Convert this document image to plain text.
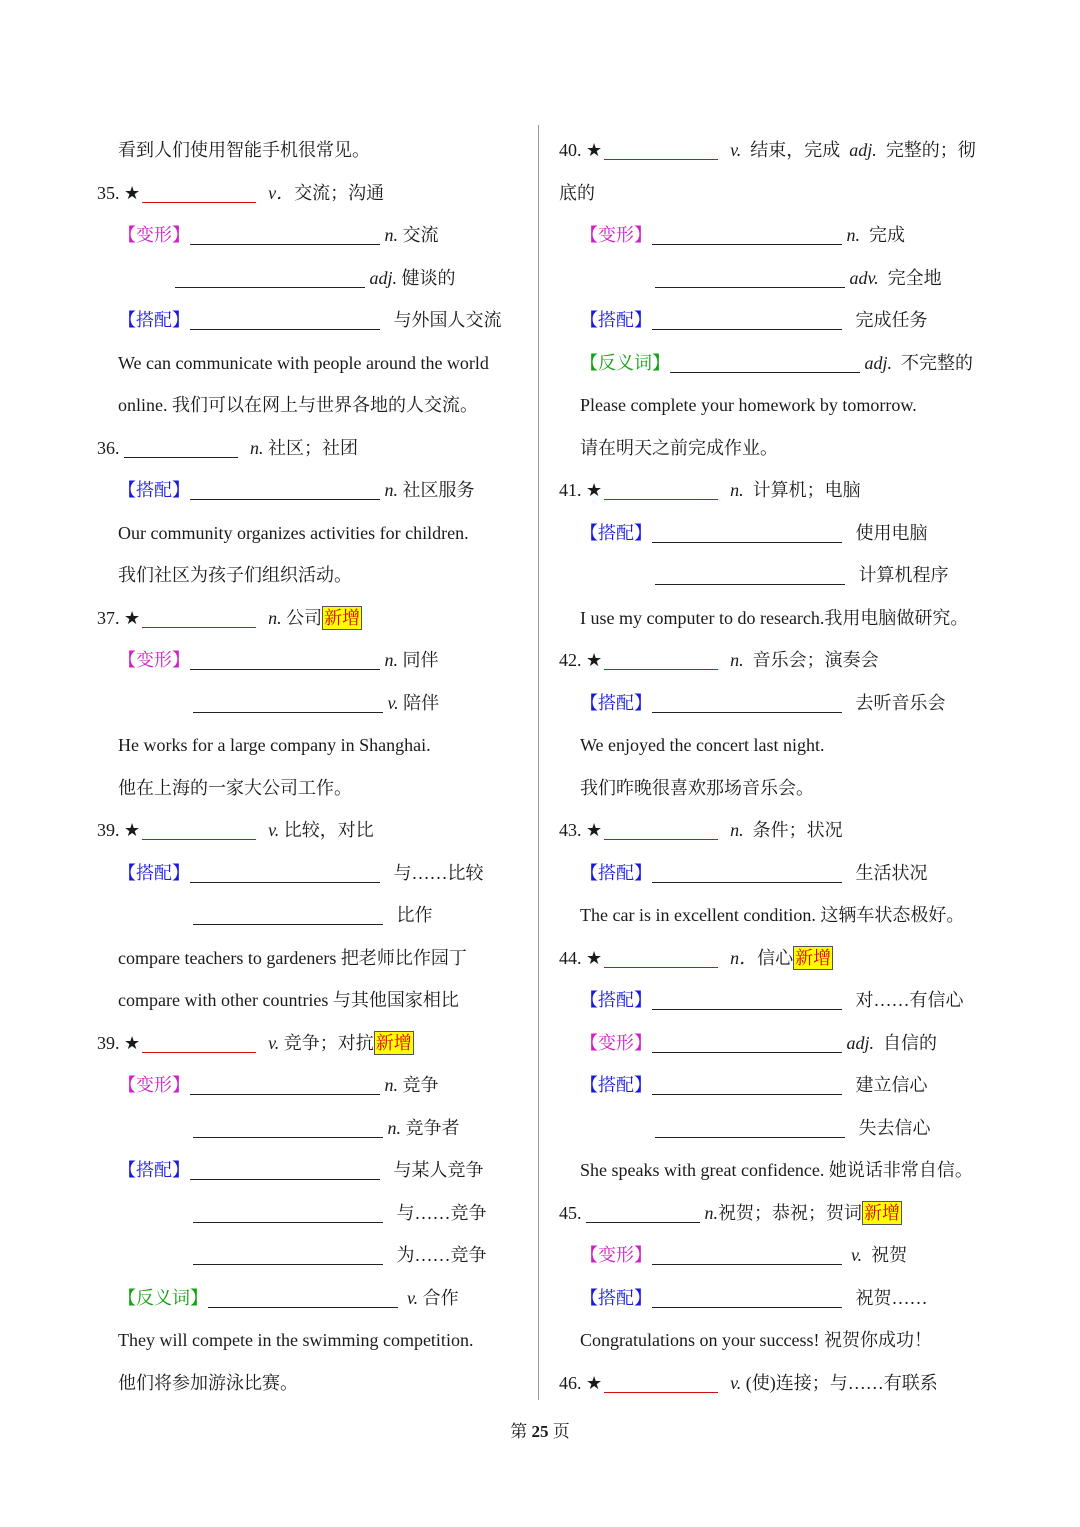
看到人们使用智能手机很常见。
35. ★	v．交流；沟通
【变形】	n. 交流
adj. 健谈的
【搭配】	与外国人交流
We can communicate with people around the world
online. 我们可以在网上与世界各地的人交流。
36.	n. 社区；社团
【搭配】	n. 社区服务
Our community organizes activities for children.
我们社区为孩子们组织活动。
37. ★	n. 公司 新增
【变形】	n. 同伴
v. 陪伴
He works for a large company in Shanghai.
他在上海的一家大公司工作。
39. ★	v. 比较，对比
【搭配】	与……比较
比作
compare teachers to gardeners 把老师比作园丁
compare with other countries 与其他国家相比
39. ★	v. 竞争；对抗 新增
【变形】	n. 竞争
n. 竞争者
【搭配】	与某人竞争
与……竞争
为……竞争
【反义词】	v. 合作
They will compete in the swimming competition.
他们将参加游泳比赛。
40. ★	v. 结束，完成 adj. 完整的；彻
底的
【变形】	n. 完成
adv. 完全地
【搭配】	完成任务
【反义词】	adj. 不完整的
Please complete your homework by tomorrow.
请在明天之前完成作业。
41. ★	n. 计算机；电脑
【搭配】	使用电脑
计算机程序
I use my computer to do research.我用电脑做研究。
42. ★	n. 音乐会；演奏会
【搭配】	去听音乐会
We enjoyed the concert last night.
我们昨晚很喜欢那场音乐会。
43. ★	n. 条件；状况
【搭配】	生活状况
The car is in excellent condition. 这辆车状态极好。
44. ★	n．信心 新增
【搭配】	对……有信心
【变形】	adj. 自信的
【搭配】	建立信心
失去信心
She speaks with great confidence. 她说话非常自信。
45.	n.祝贺；恭祝；贺词 新增
【变形】	v. 祝贺
【搭配】	祝贺……
Congratulations on your success! 祝贺你成功！
46. ★	v. (使)连接；与……有联系
第 25 页
